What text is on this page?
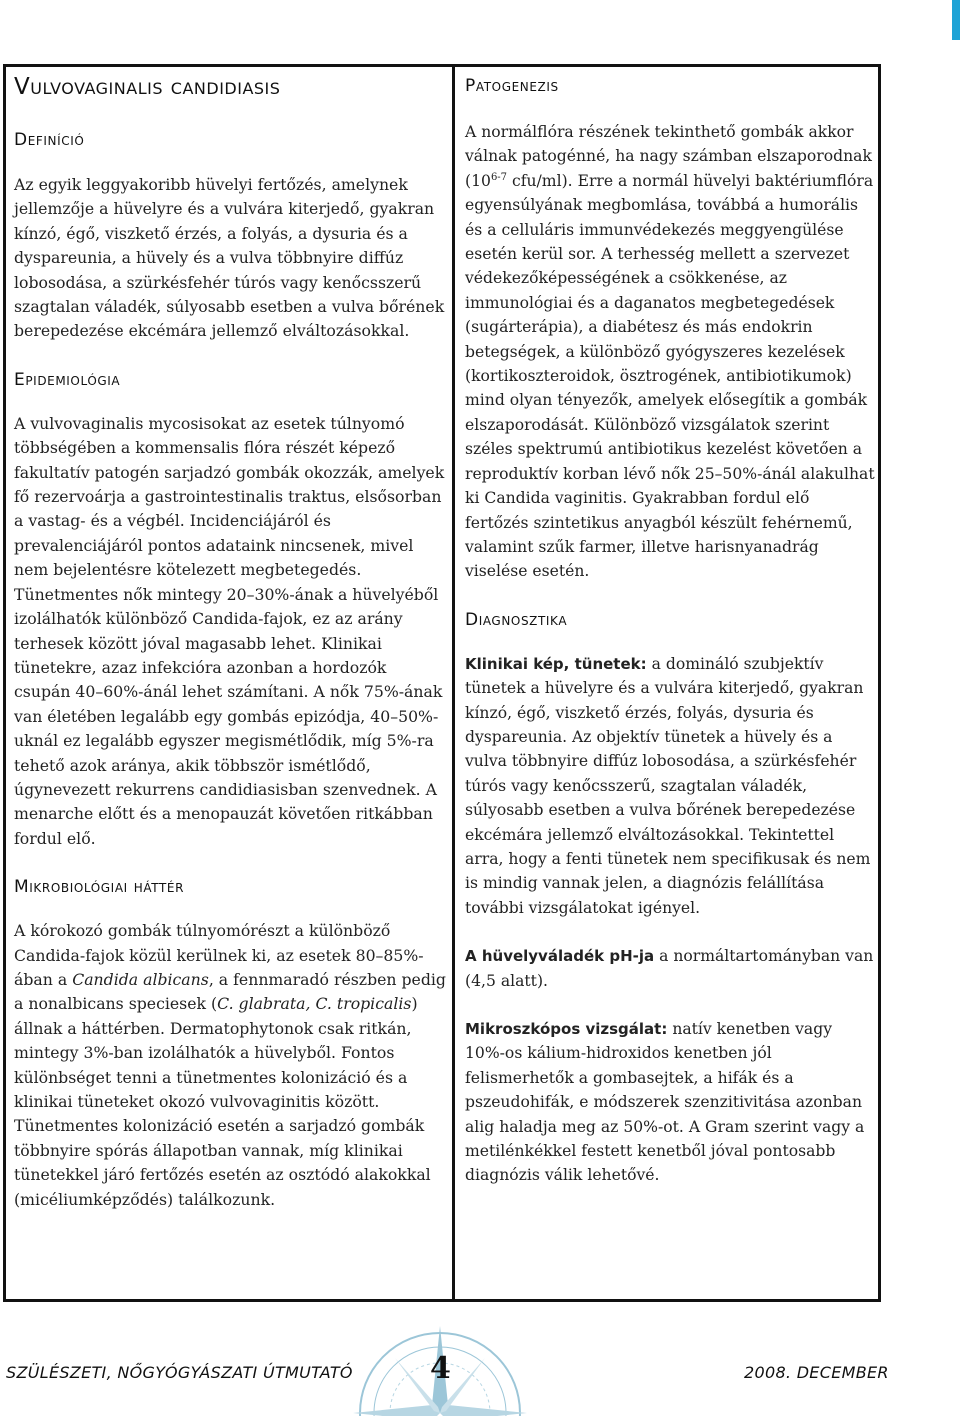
Vulvovaginalis candidiasis
Definíció

Az egyik leggyakoribb hüvelyi fertőzés, amelynek jellemzője a hüvelyre és a vulvára kiterjedő, gyakran kínzó, égő, viszkető érzés, a folyás, a dysuria és a dyspareunia, a hüvely és a vulva többnyire diffúz lobosodása, a szürkésfehér túrós vagy kenőcsszerű szagtalan váladék, súlyosabb esetben a vulva bőrének berepedezése ekcémára jellemző elváltozásokkal.

Epidemiológia

A vulvovaginalis mycosisokat az esetek túlnyomó többségében a kommensalis flóra részét képező fakultatív patogén sarjadzó gombák okozzák, amelyek fő rezervoárja a gastrointestinalis traktus, elsősorban a vastag- és a végbél. Incidenciájáról és prevalenciájáról pontos adataink nincsenek, mivel nem bejelentésre kötelezett megbetegedés. Tünetmentes nők mintegy 20–30%-ának a hüvelyéből izolálhatók különböző Candida-fajok, ez az arány terhesek között jóval magasabb lehet. Klinikai tünetekre, azaz infekcióra azonban a hordozók csupán 40–60%-ánál lehet számítani. A nők 75%-ának van életében legalább egy gombás epizódja, 40–50%-uknál ez legalább egyszer megismétlődik, míg 5%-ra tehető azok aránya, akik többször ismétlődő, úgynevezett rekurrens candidiasisban szenvednek. A menarche előtt és a menopauzát követően ritkábban fordul elő.

Mikrobiológiai háttér

A kórokozó gombák túlnyomórészt a különböző Candida-fajok közül kerülnek ki, az esetek 80–85%-ában a Candida albicans, a fennmaradó részben pedig a nonalbicans speciesek (C. glabrata, C. tropicalis) állnak a háttérben. Dermatophytonok csak ritkán, mintegy 3%-ban izolálhatók a hüvelyből. Fontos különbséget tenni a tünetmentes kolonizáció és a klinikai tüneteket okozó vulvovaginitis között. Tünetmentes kolonizáció esetén a sarjadzó gombák többnyire spórás állapotban vannak, míg klinikai tünetekkel járó fertőzés esetén az osztódó alakokkal (micéliumképződés) találkozunk.

Patogenezis

A normálflóra részének tekinthető gombák akkor válnak patogénné, ha nagy számban elszaporodnak (10$^{6-7}$ cfu/ml). Erre a normál hüvelyi baktériumflóra egyensúlyának megbomlása, továbbá a humorális és a celluláris immunvédekezés meggyengülése esetén kerül sor. A terhesség mellett a szervezet védekezőképességének a csökkenése, az immunológiai és a daganatos megbetegedések (sugárterápia), a diabétesz és más endokrin betegségek, a különböző gyógyszeres kezelések (kortikoszteroidok, ösztrogének, antibiotikumok) mind olyan tényezők, amelyek elősegítik a gombák elszaporodását. Különböző vizsgálatok szerint széles spektrumú antibiotikus kezelést követően a reproduktív korban lévő nők 25–50%-ánál alakulhat ki Candida vaginitis. Gyakrabban fordul elő fertőzés szintetikus anyagból készült fehérnemű, valamint szűk farmer, illetve harisnyanadrág viselése esetén.

Diagnosztika

Klinikai kép, tünetek: a domináló szubjektív tünetek a hüvelyre és a vulvára kiterjedő, gyakran kínzó, égő, viszkető érzés, folyás, dysuria és dyspareunia. Az objektív tünetek a hüvely és a vulva többnyire diffúz lobosodása, a szürkésfehér túrós vagy kenőcsszerű, szagtalan váladék, súlyosabb esetben a vulva bőrének berepedezése ekcémára jellemző elváltozásokkal. Tekintettel arra, hogy a fenti tünetek nem specifikusak és nem is mindig vannak jelen, a diagnózis felállítása további vizsgálatokat igényel.

A hüvelyváladék pH-ja a normáltartományban van (4,5 alatt).

Mikroszkópos vizsgálat: natív kenetben vagy 10%-os kálium-hidroxidos kenetben jól felismerhetők a gombasejtek, a hifák és a pszeudohifák, e módszerek szenzitivitása azonban alig haladja meg az 50%-ot. A Gram szerint vagy a metilénkékkel festett kenetből jóval pontosabb diagnózis válik lehetővé.

SZÜLÉSZETI, NŐGYÓGYÁSZATI ÚTMUTATÓ	4	2008. DECEMBER
